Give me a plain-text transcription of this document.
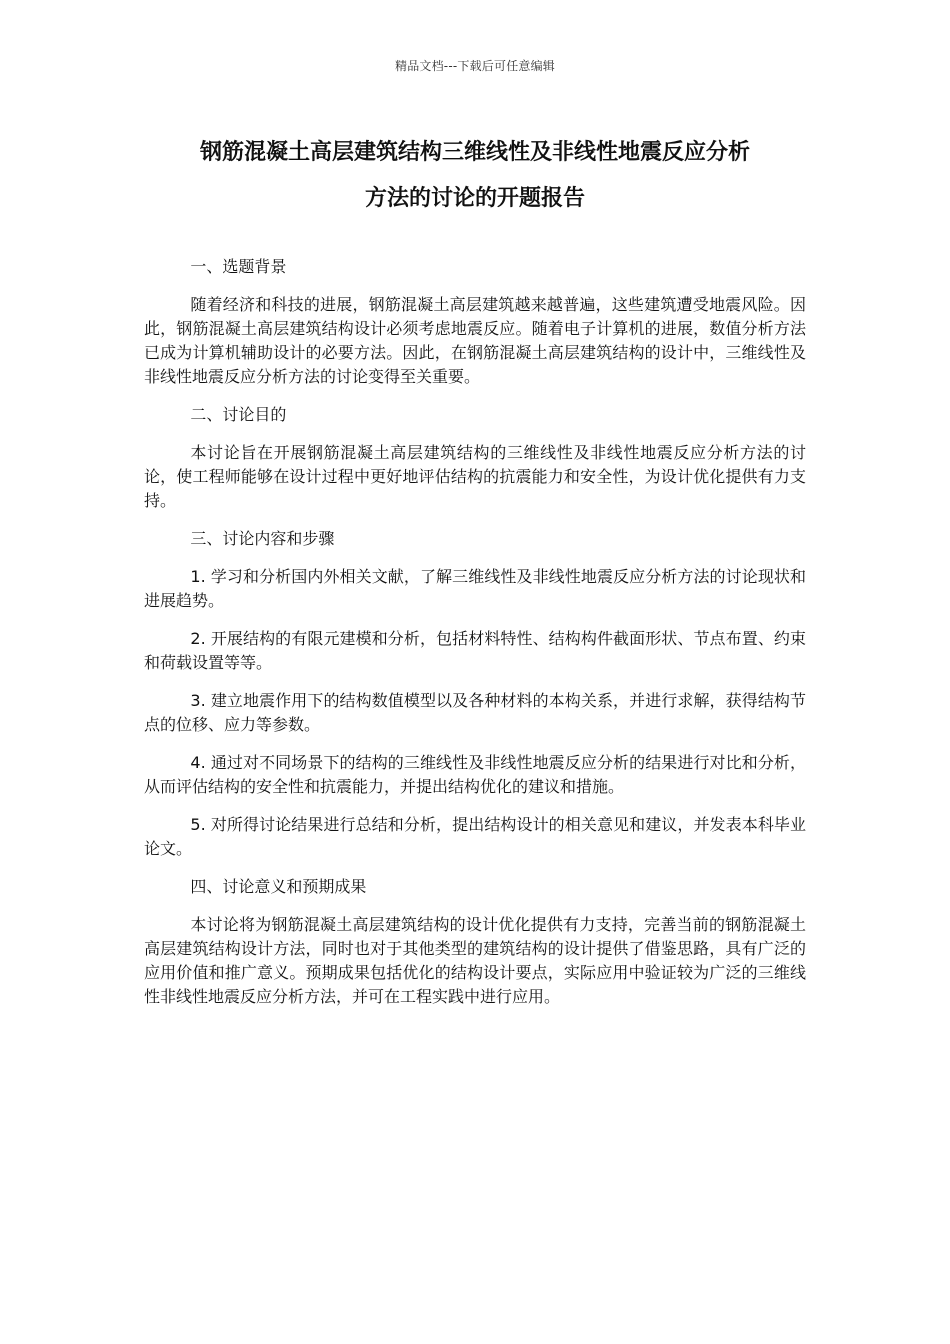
精品文档---下载后可任意编辑
钢筋混凝土高层建筑结构三维线性及非线性地震反应分析
方法的讨论的开题报告

一、选题背景

随着经济和科技的进展，钢筋混凝土高层建筑越来越普遍，这些建筑遭受地震风险。因此，钢筋混凝土高层建筑结构设计必须考虑地震反应。随着电子计算机的进展，数值分析方法已成为计算机辅助设计的必要方法。因此，在钢筋混凝土高层建筑结构的设计中，三维线性及非线性地震反应分析方法的讨论变得至关重要。

二、讨论目的

本讨论旨在开展钢筋混凝土高层建筑结构的三维线性及非线性地震反应分析方法的讨论，使工程师能够在设计过程中更好地评估结构的抗震能力和安全性，为设计优化提供有力支持。

三、讨论内容和步骤

1. 学习和分析国内外相关文献，了解三维线性及非线性地震反应分析方法的讨论现状和进展趋势。

2. 开展结构的有限元建模和分析，包括材料特性、结构构件截面形状、节点布置、约束和荷载设置等等。

3. 建立地震作用下的结构数值模型以及各种材料的本构关系，并进行求解，获得结构节点的位移、应力等参数。

4. 通过对不同场景下的结构的三维线性及非线性地震反应分析的结果进行对比和分析，从而评估结构的安全性和抗震能力，并提出结构优化的建议和措施。

5. 对所得讨论结果进行总结和分析，提出结构设计的相关意见和建议，并发表本科毕业论文。

四、讨论意义和预期成果

本讨论将为钢筋混凝土高层建筑结构的设计优化提供有力支持，完善当前的钢筋混凝土高层建筑结构设计方法，同时也对于其他类型的建筑结构的设计提供了借鉴思路，具有广泛的应用价值和推广意义。预期成果包括优化的结构设计要点，实际应用中验证较为广泛的三维线性非线性地震反应分析方法，并可在工程实践中进行应用。
